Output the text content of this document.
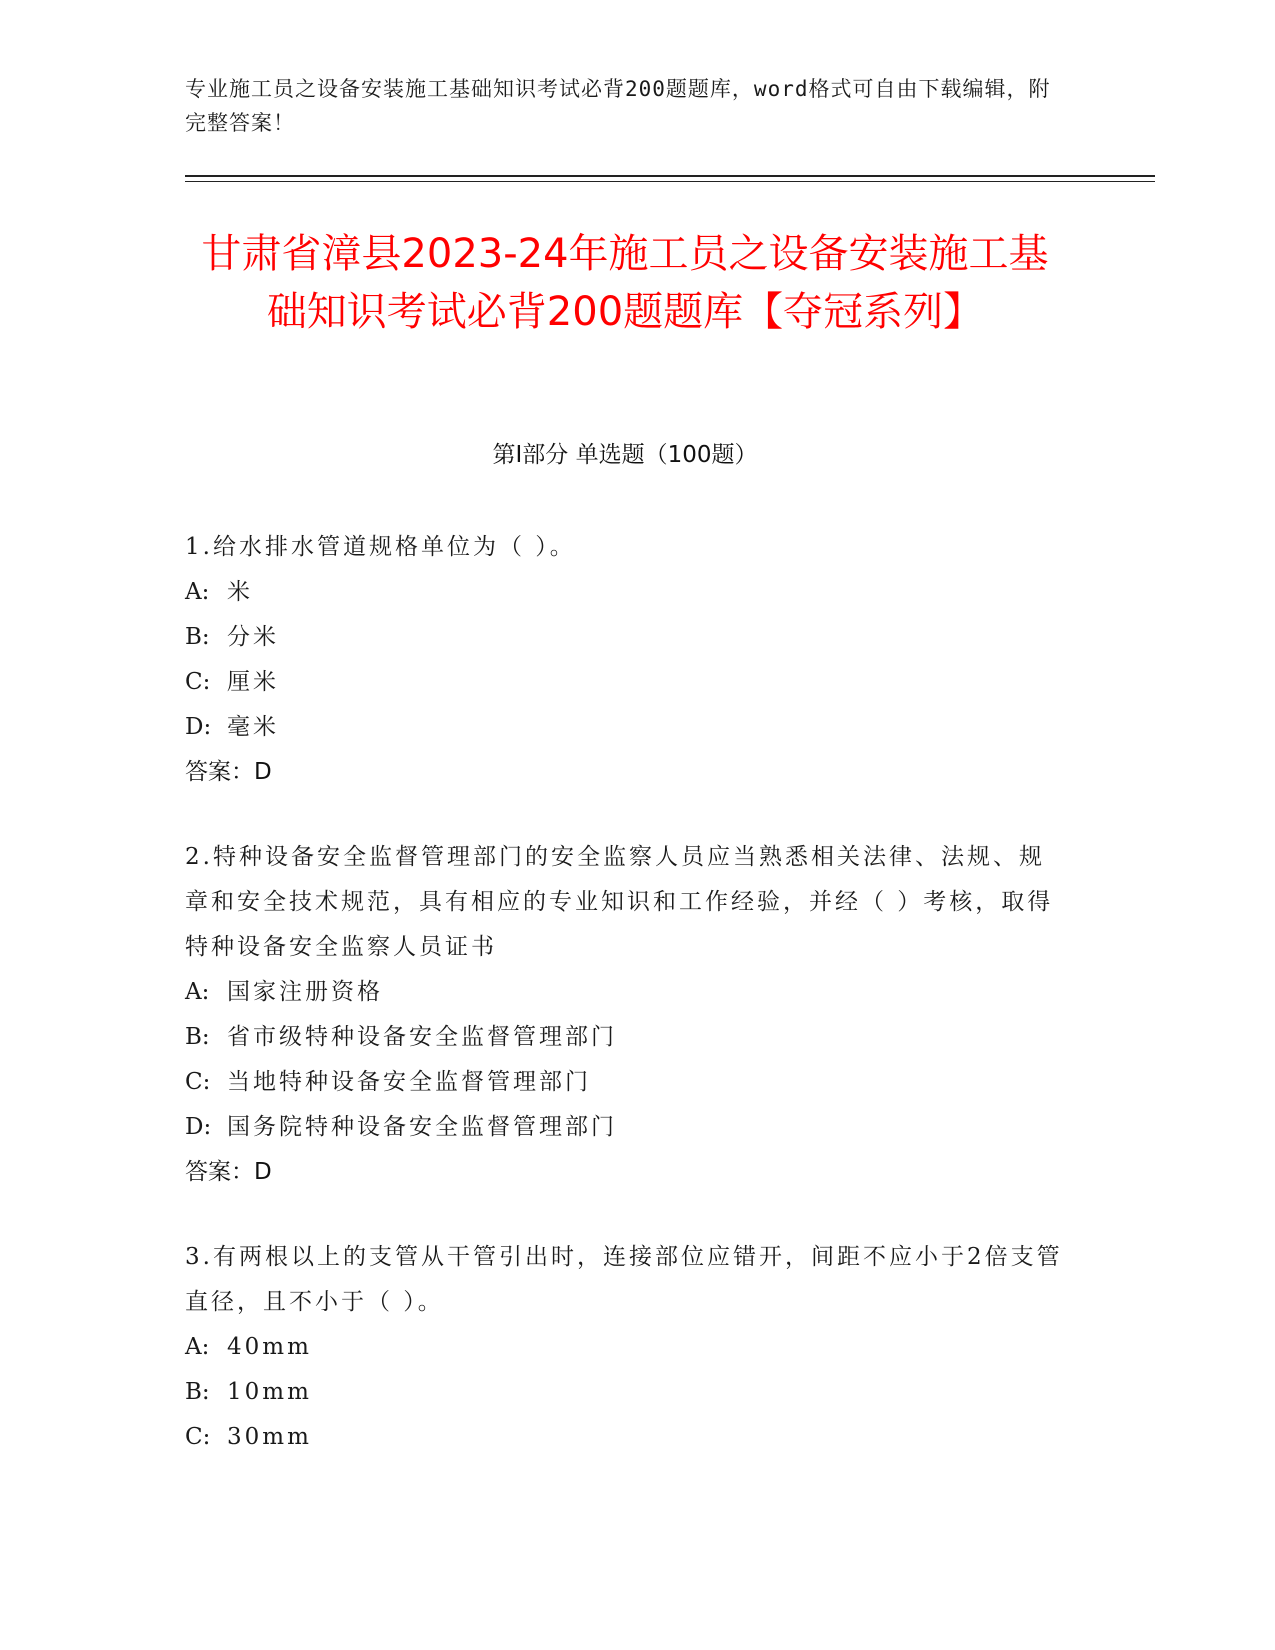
专业施工员之设备安装施工基础知识考试必背200题题库，word格式可自由下载编辑，附完整答案！
甘肃省漳县2023-24年施工员之设备安装施工基础知识考试必背200题题库【夺冠系列】
第I部分 单选题（100题）

1.给水排水管道规格单位为（ ）。

A: 米

B: 分米

C: 厘米

D: 毫米

答案：D

2.特种设备安全监督管理部门的安全监察人员应当熟悉相关法律、法规、规章和安全技术规范，具有相应的专业知识和工作经验，并经（ ）考核，取得特种设备安全监察人员证书

A: 国家注册资格

B: 省市级特种设备安全监督管理部门

C: 当地特种设备安全监督管理部门

D: 国务院特种设备安全监督管理部门

答案：D

3.有两根以上的支管从干管引出时，连接部位应错开，间距不应小于2倍支管直径，且不小于（ ）。

A: 40mm

B: 10mm

C: 30mm
